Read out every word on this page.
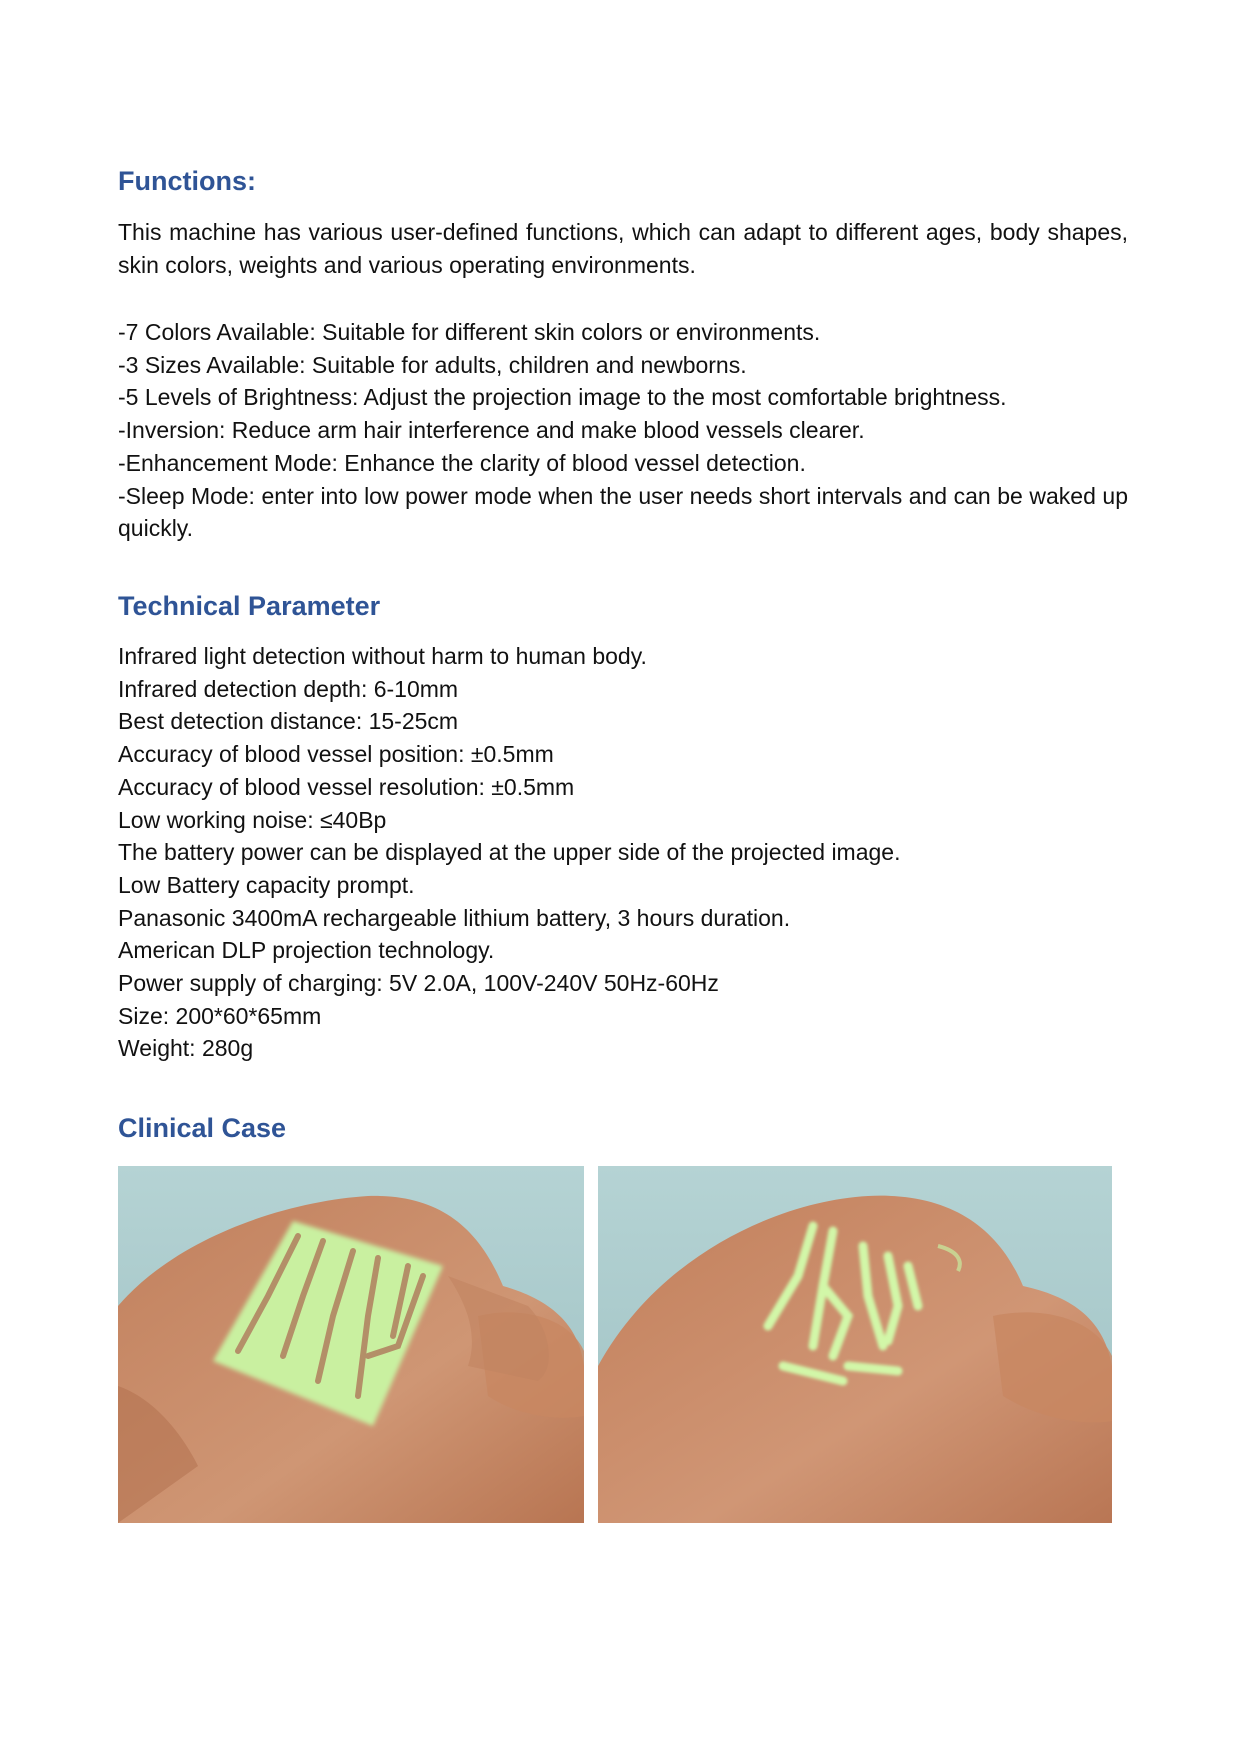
Functions:

This machine has various user-defined functions, which can adapt to different ages, body shapes, skin colors, weights and various operating environments.

-7 Colors Available: Suitable for different skin colors or environments.
-3 Sizes Available: Suitable for adults, children and newborns.
-5 Levels of Brightness: Adjust the projection image to the most comfortable brightness.
-Inversion: Reduce arm hair interference and make blood vessels clearer.
-Enhancement Mode: Enhance the clarity of blood vessel detection.
-Sleep Mode: enter into low power mode when the user needs short intervals and can be waked up quickly.
Technical Parameter
Infrared light detection without harm to human body.
Infrared detection depth: 6-10mm
Best detection distance: 15-25cm
Accuracy of blood vessel position: ±0.5mm
Accuracy of blood vessel resolution: ±0.5mm
Low working noise: ≤40Bp
The battery power can be displayed at the upper side of the projected image.
Low Battery capacity prompt.
Panasonic 3400mA rechargeable lithium battery, 3 hours duration.
American DLP projection technology.
Power supply of charging: 5V 2.0A, 100V-240V 50Hz-60Hz
Size: 200*60*65mm
Weight: 280g
Clinical Case
